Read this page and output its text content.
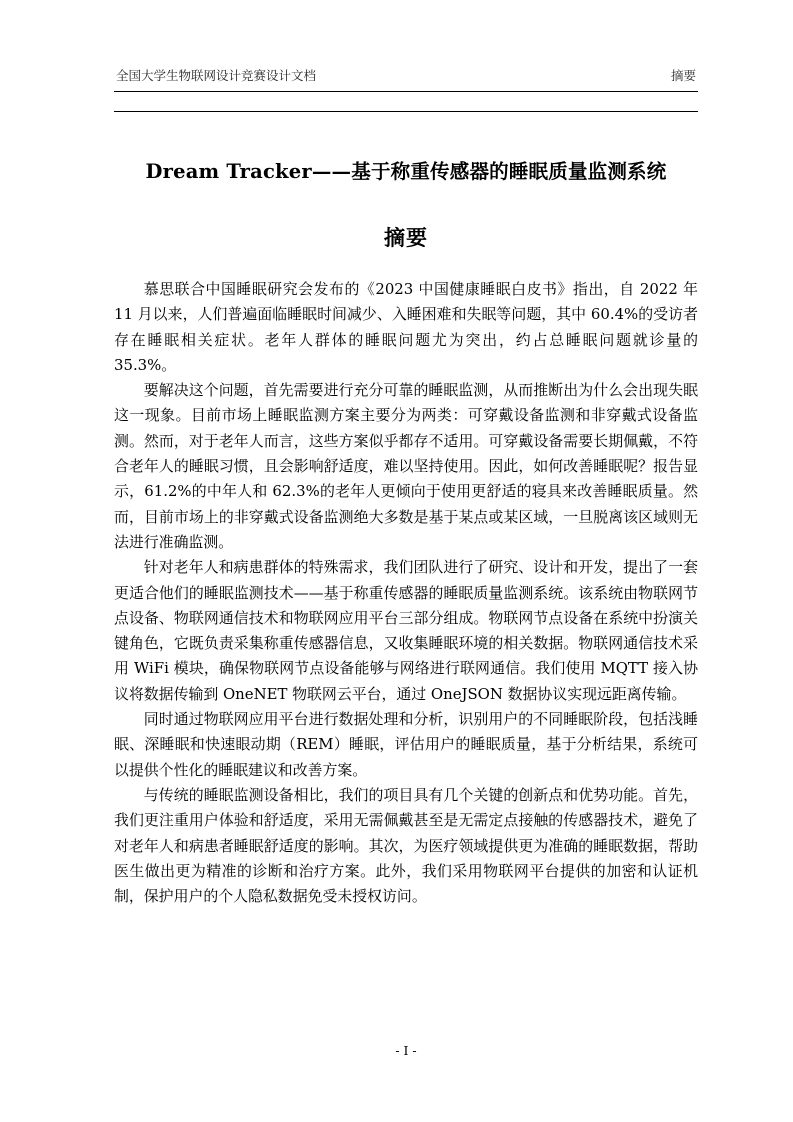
全国大学生物联网设计竞赛设计文档	摘要
Dream Tracker——基于称重传感器的睡眠质量监测系统
摘要

慕思联合中国睡眠研究会发布的《2023 中国健康睡眠白皮书》指出，自 2022 年 11 月以来，人们普遍面临睡眠时间减少、入睡困难和失眠等问题，其中 60.4%的受访者存在睡眠相关症状。老年人群体的睡眠问题尤为突出，约占总睡眠问题就诊量的 35.3%。

要解决这个问题，首先需要进行充分可靠的睡眠监测，从而推断出为什么会出现失眠这一现象。目前市场上睡眠监测方案主要分为两类：可穿戴设备监测和非穿戴式设备监测。然而，对于老年人而言，这些方案似乎都存不适用。可穿戴设备需要长期佩戴，不符合老年人的睡眠习惯，且会影响舒适度，难以坚持使用。因此，如何改善睡眠呢？报告显示，61.2%的中年人和 62.3%的老年人更倾向于使用更舒适的寝具来改善睡眠质量。然而，目前市场上的非穿戴式设备监测绝大多数是基于某点或某区域，一旦脱离该区域则无法进行准确监测。

针对老年人和病患群体的特殊需求，我们团队进行了研究、设计和开发，提出了一套更适合他们的睡眠监测技术——基于称重传感器的睡眠质量监测系统。该系统由物联网节点设备、物联网通信技术和物联网应用平台三部分组成。物联网节点设备在系统中扮演关键角色，它既负责采集称重传感器信息，又收集睡眠环境的相关数据。物联网通信技术采用 WiFi 模块，确保物联网节点设备能够与网络进行联网通信。我们使用 MQTT 接入协议将数据传输到 OneNET 物联网云平台，通过 OneJSON 数据协议实现远距离传输。

同时通过物联网应用平台进行数据处理和分析，识别用户的不同睡眠阶段，包括浅睡眠、深睡眠和快速眼动期（REM）睡眠，评估用户的睡眠质量，基于分析结果，系统可以提供个性化的睡眠建议和改善方案。

与传统的睡眠监测设备相比，我们的项目具有几个关键的创新点和优势功能。首先，我们更注重用户体验和舒适度，采用无需佩戴甚至是无需定点接触的传感器技术，避免了对老年人和病患者睡眠舒适度的影响。其次，为医疗领域提供更为准确的睡眠数据，帮助医生做出更为精准的诊断和治疗方案。此外，我们采用物联网平台提供的加密和认证机制，保护用户的个人隐私数据免受未授权访问。

- I -
